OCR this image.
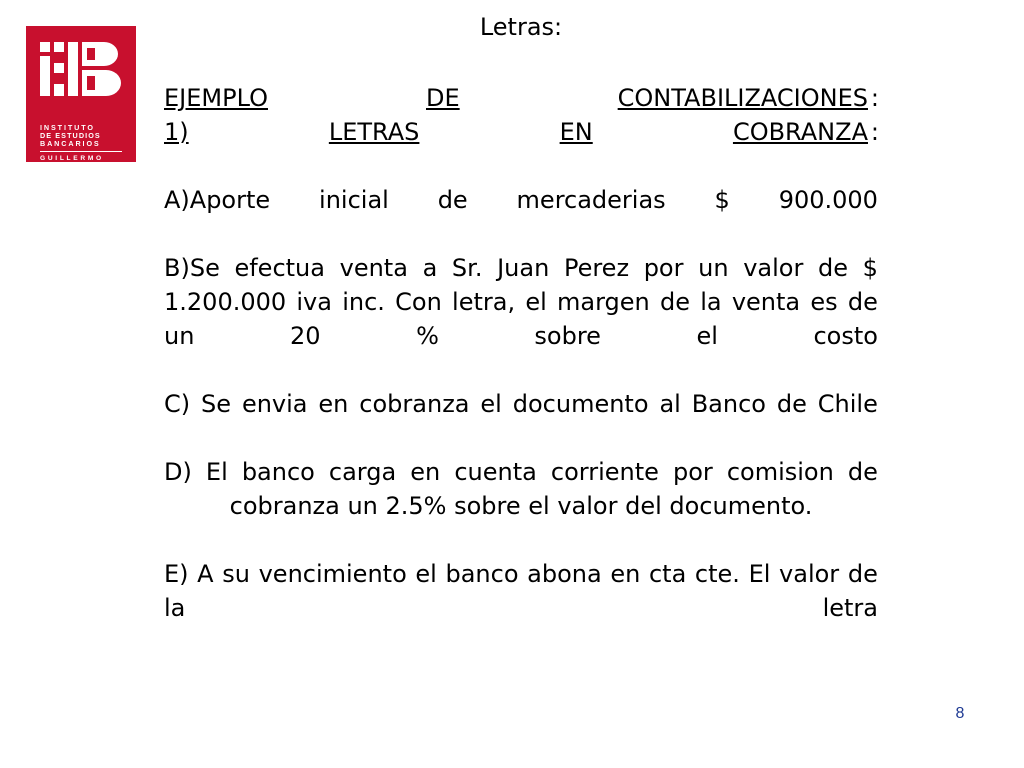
INSTITUTO
DE ESTUDIOS
BANCARIOS
GUILLERMO
SUBERCASEAUX
Letras:
EJEMPLO	DE	CONTABILIZACIONES :
1)	LETRAS	EN	COBRANZA :
A)Aporte inicial de mercaderias $ 900.000
B)Se efectua venta a Sr. Juan Perez por un valor de $
1.200.000 iva inc. Con letra, el margen de la venta es de
un	20	%	sobre	el	costo
C) Se envia en cobranza el documento al Banco de Chile
D) El banco carga en cuenta corriente por comision de
cobranza un 2.5% sobre el valor del documento.
E) A su vencimiento el banco abona en cta cte. El valor de
la	letra
8
